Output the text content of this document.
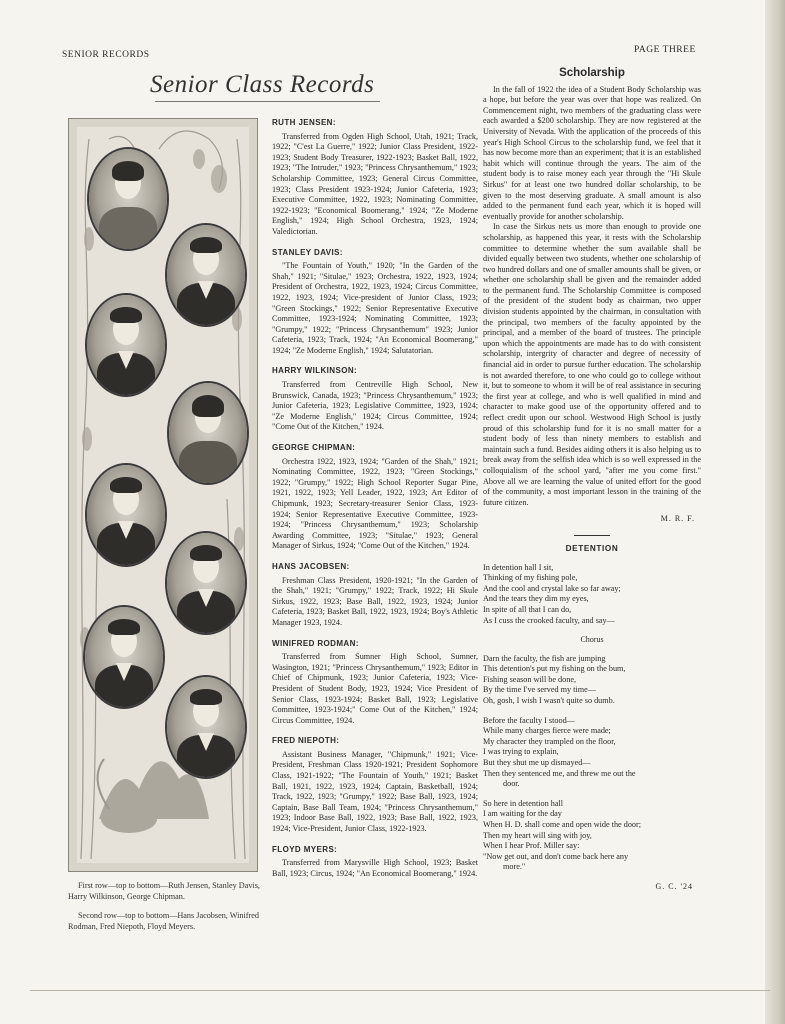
SENIOR RECORDS	PAGE THREE
Senior Class Records

First row—top to bottom—Ruth Jensen, Stanley Davis, Harry Wilkinson, George Chipman.

Second row—top to bottom—Hans Jacobsen, Winifred Rodman, Fred Niepoth, Floyd Meyers.

RUTH JENSEN:
Transferred from Ogden High School, Utah, 1921; Track, 1922; "C'est La Guerre," 1922; Junior Class President, 1922-1923; Student Body Treasurer, 1922-1923; Basket Ball, 1922, 1923; "The Intruder," 1923; "Princess Chrysanthemum," 1923; Scholarship Committee, 1923; General Circus Committee, 1923; Class President 1923-1924; Junior Cafeteria, 1923; Executive Committee, 1922, 1923; Nominating Committee, 1922-1923; "Economical Boomerang," 1924; "Ze Moderne English," 1924; High School Orchestra, 1923, 1924; Valedictorian.
STANLEY DAVIS:
"The Fountain of Youth," 1920; "In the Garden of the Shah," 1921; "Situlae," 1923; Orchestra, 1922, 1923, 1924; President of Orchestra, 1922, 1923, 1924; Circus Committee, 1922, 1923, 1924; Vice-president of Junior Class, 1923; "Green Stockings," 1922; Senior Representative Executive Committee, 1923-1924; Nominating Committee, 1923; "Grumpy," 1922; "Princess Chrysanthemum" 1923; Junior Cafeteria, 1923; Track, 1924; "An Economical Boomerang," 1924; "Ze Moderne English," 1924; Salutatorian.
HARRY WILKINSON:
Transferred from Centreville High School, New Brunswick, Canada, 1923; "Princess Chrysanthemum," 1923; Junior Cafeteria, 1923; Legislative Committee, 1923, 1924; "Ze Moderne English," 1924; Circus Committee, 1924; "Come Out of the Kitchen," 1924.
GEORGE CHIPMAN:
Orchestra 1922, 1923, 1924; "Garden of the Shah," 1921; Nominating Committee, 1922, 1923; "Green Stockings," 1922; "Grumpy," 1922; High School Reporter Sugar Pine, 1921, 1922, 1923; Yell Leader, 1922, 1923; Art Editor of Chipmunk, 1923; Secretary-treasurer Senior Class, 1923-1924; Senior Representative Executive Committee, 1923-1924; "Princess Chrysanthemum," 1923; Scholarship Awarding Committee, 1923; "Situlae," 1923; General Manager of Sirkus, 1924; "Come Out of the Kitchen," 1924.
HANS JACOBSEN:
Freshman Class President, 1920-1921; "In the Garden of the Shah," 1921; "Grumpy," 1922; Track, 1922; Hi Skule Sirkus, 1922, 1923; Base Ball, 1922, 1923, 1924; Junior Cafeteria, 1923; Basket Ball, 1922, 1923, 1924; Boy's Athletic Manager 1923, 1924.
WINIFRED RODMAN:
Transferred from Sumner High School, Sumner, Wasington, 1921; "Princess Chrysanthemum," 1923; Editor in Chief of Chipmunk, 1923; Junior Cafeteria, 1923; Vice-President of Student Body, 1923, 1924; Vice President of Senior Class, 1923-1924; Basket Ball, 1923; Legislative Committee, 1923-1924;" Come Out of the Kitchen," 1924; Circus Committee, 1924.
FRED NIEPOTH:
Assistant Business Manager, "Chipmunk," 1921; Vice-President, Freshman Class 1920-1921; President Sophomore Class, 1921-1922; "The Fountain of Youth," 1921; Basket Ball, 1921, 1922, 1923, 1924; Captain, Basketball, 1924; Track, 1922, 1923; "Grumpy," 1922; Base Ball, 1923, 1924; Captain, Base Ball Team, 1924; "Princess Chrysanthemum," 1923; Indoor Base Ball, 1922, 1923; Base Ball, 1922, 1923, 1924; Vice-President, Junior Class, 1922-1923.
FLOYD MYERS:
Transferred from Marysville High School, 1923; Basket Ball, 1923; Circus, 1924; "An Economical Boomerang," 1924.
Scholarship

In the fall of 1922 the idea of a Student Body Scholarship was a hope, but before the year was over that hope was realized. On Commencement night, two members of the graduating class were each awarded a $200 scholarship. They are now registered at the University of Nevada. With the application of the proceeds of this year's High School Circus to the scholarship fund, we feel that it has now become more than an experiment; that it is an established habit which will continue through the years. The aim of the student body is to raise money each year through the "Hi Skule Sirkus" for at least one two hundred dollar scholarship, to be given to the most deserving graduate. A small amount is also added to the permanent fund each year, which it is hoped will eventually provide for another scholarship.

In case the Sirkus nets us more than enough to provide one scholarship, as happened this year, it rests with the Scholarship committee to determine whether the sum available shall be divided equally between two students, whether one scholarship of two hundred dollars and one of smaller amounts shall be given, or whether one scholarship shall be given and the remainder added to the permanent fund. The Scholarship Committee is composed of the president of the student body as chairman, two upper division students appointed by the chairman, in consultation with the principal, two members of the faculty appointed by the principal, and a member of the board of trustees. The principle upon which the appointments are made has to do with consistent scholarship, intergrity of character and degree of necessity of financial aid in order to pursue further education. The scholarship is not awarded therefore, to one who could go to college without it, but to someone to whom it will be of real assistance in securing the first year at college, and who is well qualified in mind and character to make good use of the opportunity offered and to reflect credit upon our school. Westwood High School is justly proud of this scholarship fund for it is no small matter for a student body of less than ninety members to establish and maintain such a fund. Besides aiding others it is also helping us to break away from the selfish idea which is so well expressed in the colloquialism of the school yard, "after me you come first." Above all we are learning the value of united effort for the good of the community, a most important lesson in the training of the future citizen.

M. R. F.
DETENTION
In detention hall I sit,
Thinking of my fishing pole,
And the cool and crystal lake so far away;
And the tears they dim my eyes,
In spite of all that I can do,
As I cuss the crooked faculty, and say—
Chorus
Darn the faculty, the fish are jumping
This detention's put my fishing on the bum,
Fishing season will be done,
By the time I've served my time—
Oh, gosh, I wish I wasn't quite so dumb.
Before the faculty I stood—
While many charges fierce were made;
My character they trampled on the floor,
I was trying to explain,
But they shut me up dismayed—
Then they sentenced me, and threw me out the
door.
So here in detention hall
I am waiting for the day
When H. D. shall come and open wide the door;
Then my heart will sing with joy,
When I hear Prof. Miller say:
"Now get out, and don't come back here any
more."
G. C. '24
